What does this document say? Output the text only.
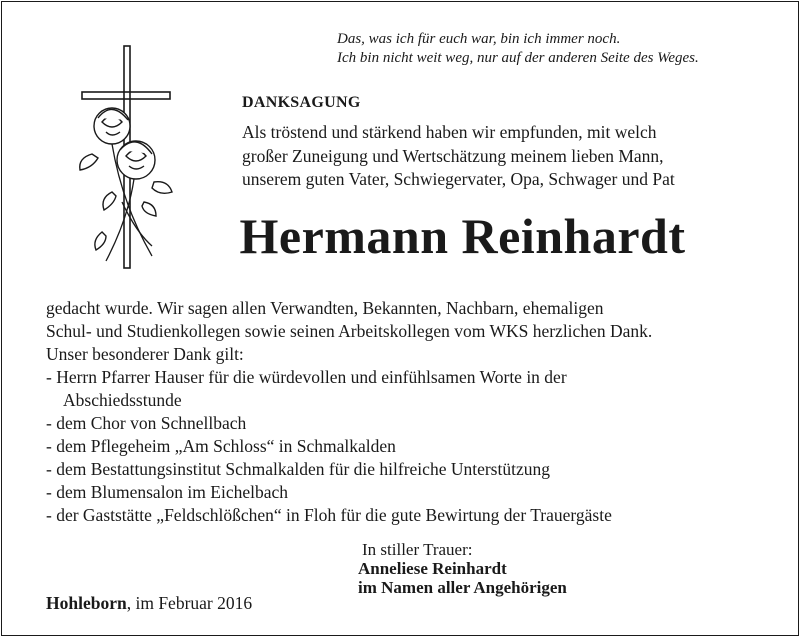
Das, was ich für euch war, bin ich immer noch.
Ich bin nicht weit weg, nur auf der anderen Seite des Weges.
DANKSAGUNG
Als tröstend und stärkend haben wir empfunden, mit welch
großer Zuneigung und Wertschätzung meinem lieben Mann,
unserem guten Vater, Schwiegervater, Opa, Schwager und Pat
Hermann Reinhardt

gedacht wurde. Wir sagen allen Verwandten, Bekannten, Nachbarn, ehemaligen

Schul- und Studienkollegen sowie seinen Arbeitskollegen vom WKS herzlichen Dank.

Unser besonderer Dank gilt:

- Herrn Pfarrer Hauser für die würdevollen und einfühlsamen Worte in der
Abschiedsstunde
- dem Chor von Schnellbach
- dem Pflegeheim „Am Schloss“ in Schmalkalden
- dem Bestattungsinstitut Schmalkalden für die hilfreiche Unterstützung
- dem Blumensalon im Eichelbach
- der Gaststätte „Feldschlößchen“ in Floh für die gute Bewirtung der Trauergäste
In stiller Trauer:
Anneliese Reinhardt
im Namen aller Angehörigen
Hohleborn, im Februar 2016
